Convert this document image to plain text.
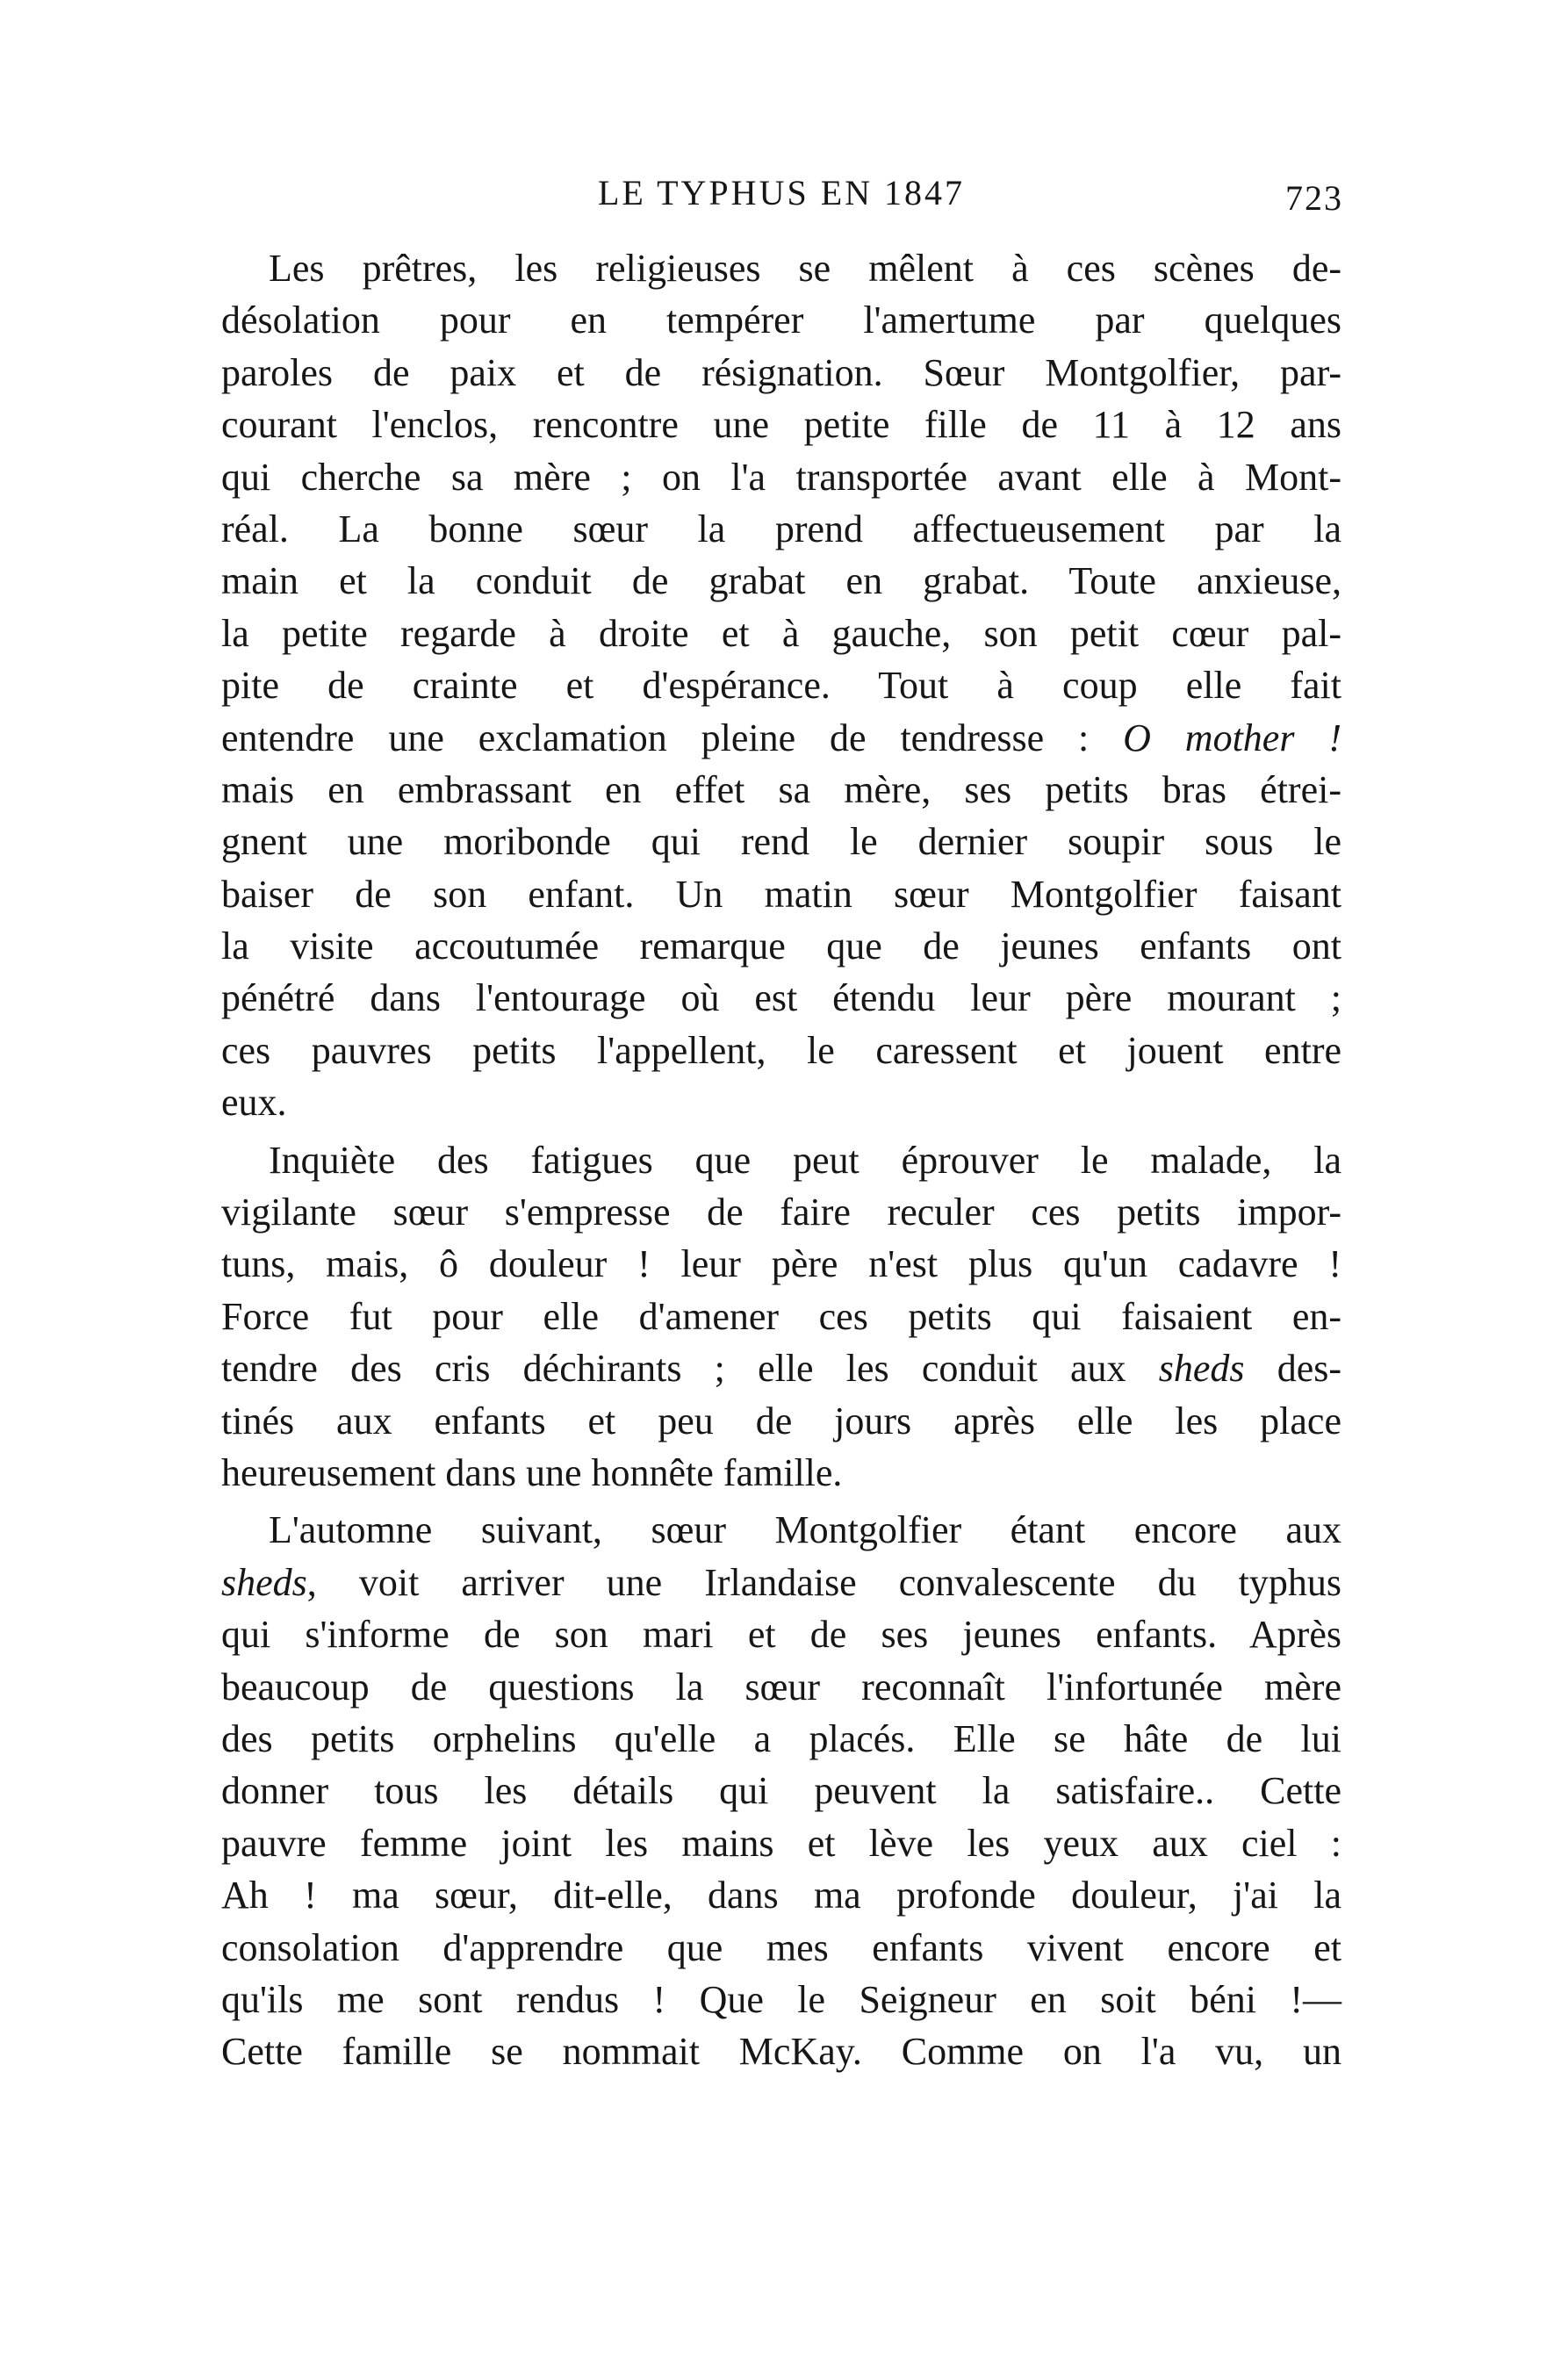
LE TYPHUS EN 1847	723
Les prêtres, les religieuses se mêlent à ces scènes de-
désolation pour en tempérer l'amertume par quelques
paroles de paix et de résignation. Sœur Montgolfier, par-
courant l'enclos, rencontre une petite fille de 11 à 12 ans
qui cherche sa mère ; on l'a transportée avant elle à Mont-
réal. La bonne sœur la prend affectueusement par la
main et la conduit de grabat en grabat. Toute anxieuse,
la petite regarde à droite et à gauche, son petit cœur pal-
pite de crainte et d'espérance. Tout à coup elle fait
entendre une exclamation pleine de tendresse : O mother !
mais en embrassant en effet sa mère, ses petits bras étrei-
gnent une moribonde qui rend le dernier soupir sous le
baiser de son enfant. Un matin sœur Montgolfier faisant
la visite accoutumée remarque que de jeunes enfants ont
pénétré dans l'entourage où est étendu leur père mourant ;
ces pauvres petits l'appellent, le caressent et jouent entre
eux.
Inquiète des fatigues que peut éprouver le malade, la
vigilante sœur s'empresse de faire reculer ces petits impor-
tuns, mais, ô douleur ! leur père n'est plus qu'un cadavre !
Force fut pour elle d'amener ces petits qui faisaient en-
tendre des cris déchirants ; elle les conduit aux sheds des-
tinés aux enfants et peu de jours après elle les place
heureusement dans une honnête famille.
L'automne suivant, sœur Montgolfier étant encore aux
sheds, voit arriver une Irlandaise convalescente du typhus
qui s'informe de son mari et de ses jeunes enfants. Après
beaucoup de questions la sœur reconnaît l'infortunée mère
des petits orphelins qu'elle a placés. Elle se hâte de lui
donner tous les détails qui peuvent la satisfaire.. Cette
pauvre femme joint les mains et lève les yeux aux ciel :
Ah ! ma sœur, dit-elle, dans ma profonde douleur, j'ai la
consolation d'apprendre que mes enfants vivent encore et
qu'ils me sont rendus ! Que le Seigneur en soit béni !—
Cette famille se nommait McKay. Comme on l'a vu, un
